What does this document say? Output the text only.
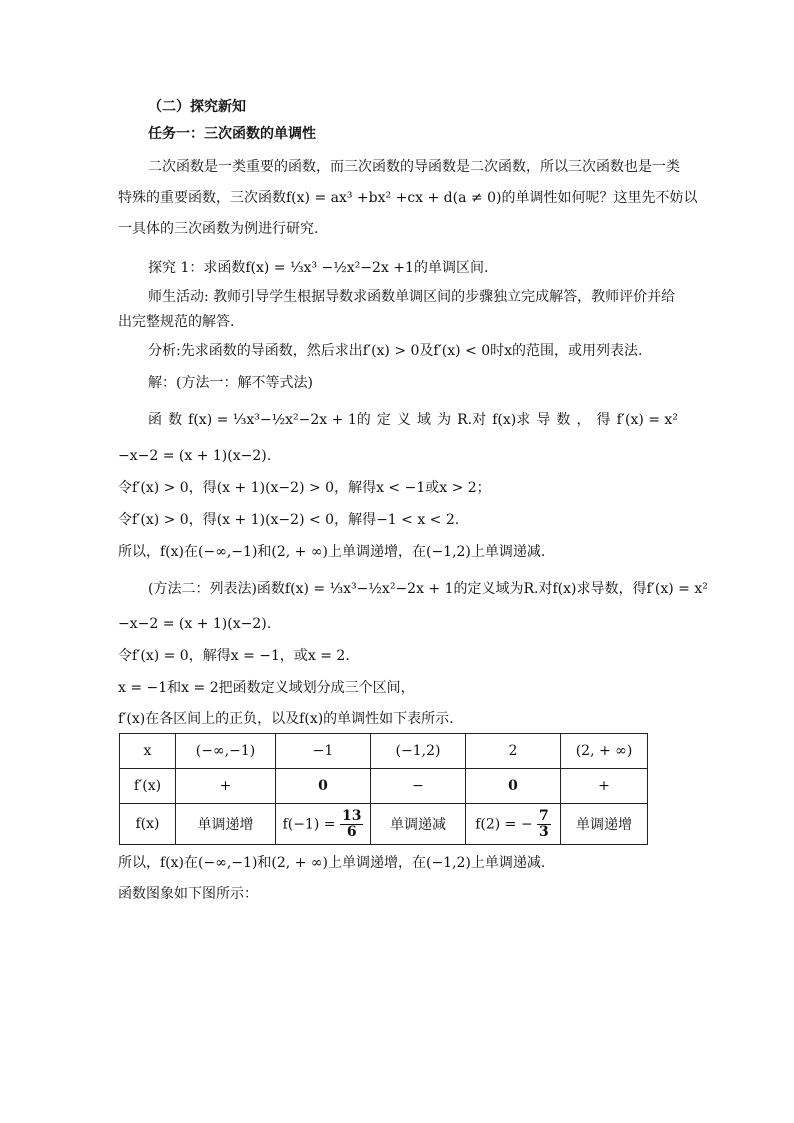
（二）探究新知
任务一：三次函数的单调性
二次函数是一类重要的函数，而三次函数的导函数是二次函数，所以三次函数也是一类
特殊的重要函数，三次函数f(x) = ax³ +bx² +cx + d(a ≠ 0)的单调性如何呢？这里先不妨以
一具体的三次函数为例进行研究.
探究 1：求函数f(x) = ⅓x³ −½x²−2x +1的单调区间.
师生活动: 教师引导学生根据导数求函数单调区间的步骤独立完成解答，教师评价并给
出完整规范的解答.
分析:先求函数的导函数，然后求出f′(x) > 0及f′(x) < 0时x的范围，或用列表法.
解：(方法一：解不等式法)
函 数 f(x) = ⅓x³−½x²−2x + 1的 定 义 域 为 R.对 f(x)求 导 数 ， 得 f′(x) = x²
−x−2 = (x + 1)(x−2).
令f′(x) > 0，得(x + 1)(x−2) > 0，解得x < −1或x > 2；
令f′(x) > 0，得(x + 1)(x−2) < 0，解得−1 < x < 2.
所以，f(x)在(−∞,−1)和(2, + ∞)上单调递增，在(−1,2)上单调递减.
(方法二：列表法)函数f(x) = ⅓x³−½x²−2x + 1的定义域为R.对f(x)求导数，得f′(x) = x²
−x−2 = (x + 1)(x−2).
令f′(x) = 0，解得x = −1，或x = 2.
x = −1和x = 2把函数定义域划分成三个区间，
f′(x)在各区间上的正负，以及f(x)的单调性如下表所示.
x	(−∞,−1)	−1	(−1,2)	2	(2, + ∞)
f′(x)	+	0	−	0	+
f(x)	单调递增	$f(-1) = \frac{13}{6}$	单调递减	f(2) = − $\frac{7}{3}$	单调递增
所以，f(x)在(−∞,−1)和(2, + ∞)上单调递增，在(−1,2)上单调递减.
函数图象如下图所示：
